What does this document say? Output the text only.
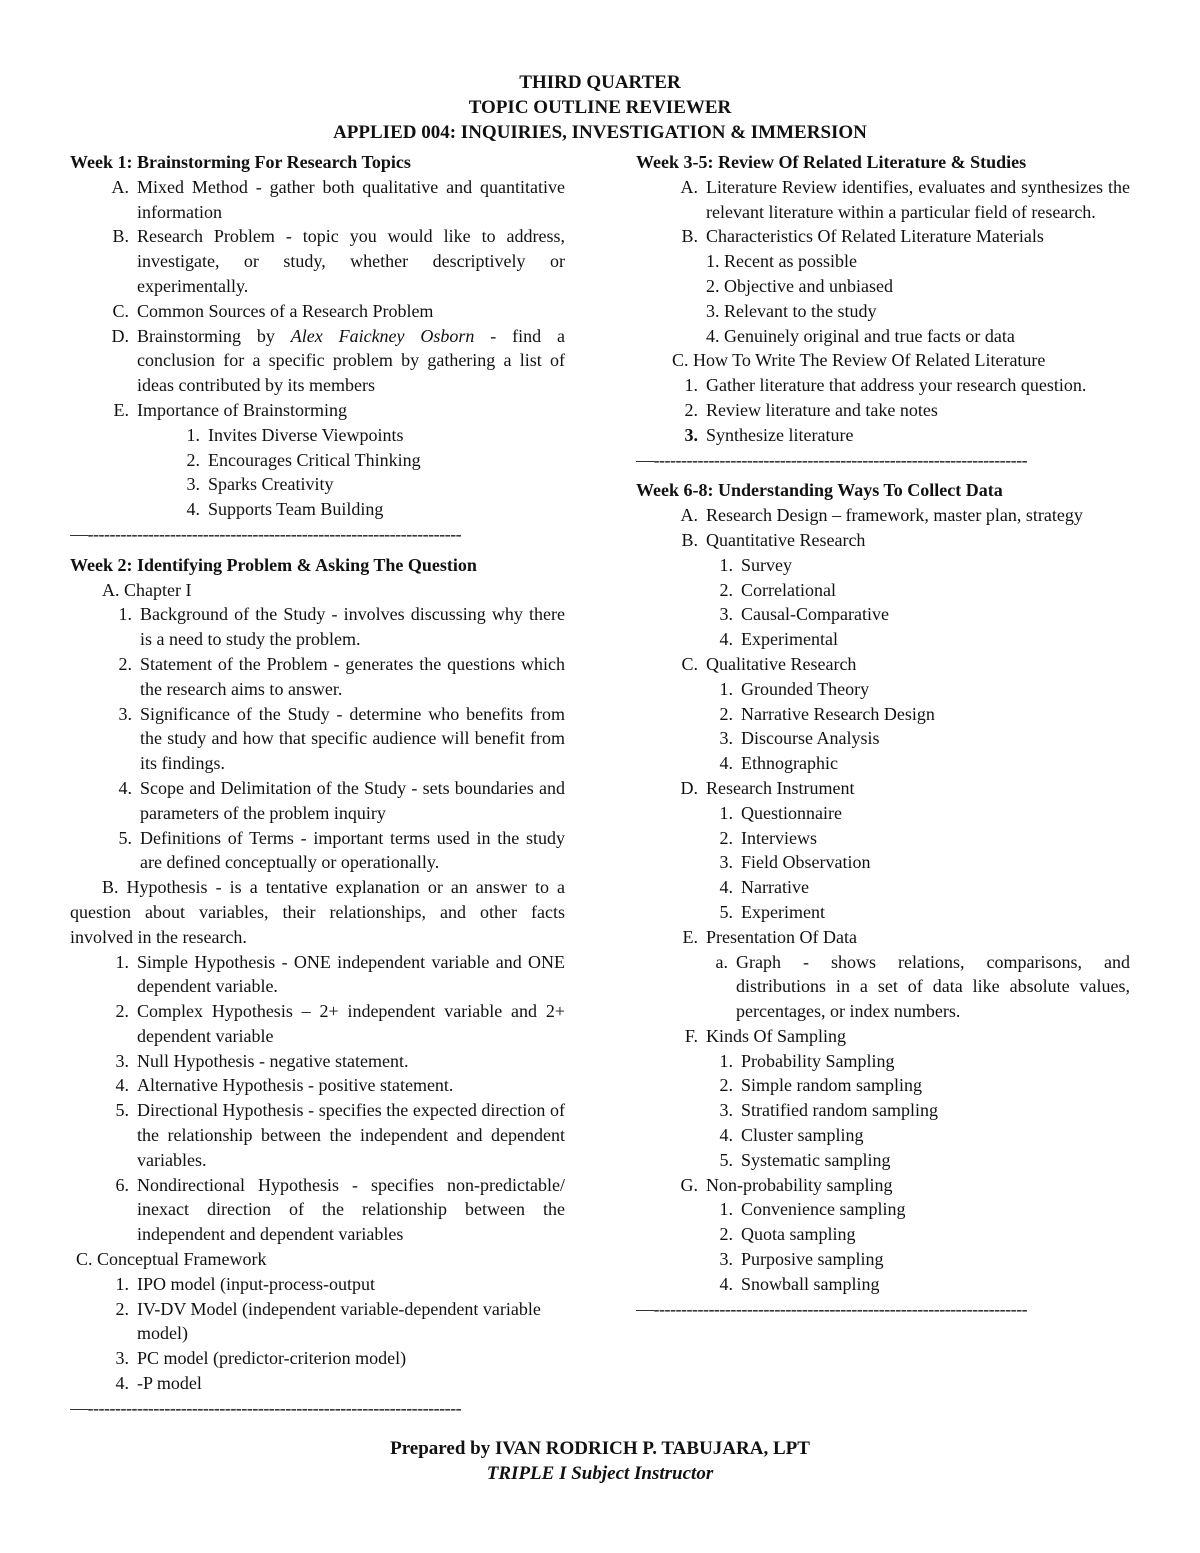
THIRD QUARTER
TOPIC OUTLINE REVIEWER
APPLIED 004: INQUIRIES, INVESTIGATION & IMMERSION
Week 1: Brainstorming For Research Topics
A. Mixed Method - gather both qualitative and quantitative information
B. Research Problem - topic you would like to address, investigate, or study, whether descriptively or experimentally.
C. Common Sources of a Research Problem
D. Brainstorming by Alex Faickney Osborn - find a conclusion for a specific problem by gathering a list of ideas contributed by its members
E. Importance of Brainstorming
1. Invites Diverse Viewpoints
2. Encourages Critical Thinking
3. Sparks Creativity
4. Supports Team Building
—--------------------------------------------------------------------
Week 2: Identifying Problem & Asking The Question
A. Chapter I
1. Background of the Study - involves discussing why there is a need to study the problem.
2. Statement of the Problem - generates the questions which the research aims to answer.
3. Significance of the Study - determine who benefits from the study and how that specific audience will benefit from its findings.
4. Scope and Delimitation of the Study - sets boundaries and parameters of the problem inquiry
5. Definitions of Terms - important terms used in the study are defined conceptually or operationally.
B. Hypothesis - is a tentative explanation or an answer to a question about variables, their relationships, and other facts involved in the research.
1. Simple Hypothesis - ONE independent variable and ONE dependent variable.
2. Complex Hypothesis – 2+ independent variable and 2+ dependent variable
3. Null Hypothesis - negative statement.
4. Alternative Hypothesis - positive statement.
5. Directional Hypothesis - specifies the expected direction of the relationship between the independent and dependent variables.
6. Nondirectional Hypothesis - specifies non-predictable/ inexact direction of the relationship between the independent and dependent variables
C. Conceptual Framework
1. IPO model (input-process-output
2. IV-DV Model (independent variable-dependent variable model)
3. PC model (predictor-criterion model)
4. -P model
—--------------------------------------------------------------------
Week 3-5: Review Of Related Literature & Studies
A. Literature Review identifies, evaluates and synthesizes the relevant literature within a particular field of research.
B. Characteristics Of Related Literature Materials
1. Recent as possible
2. Objective and unbiased
3. Relevant to the study
4. Genuinely original and true facts or data
C. How To Write The Review Of Related Literature
1. Gather literature that address your research question.
2. Review literature and take notes
3. Synthesize literature
—--------------------------------------------------------------------
Week 6-8: Understanding Ways To Collect Data
A. Research Design – framework, master plan, strategy
B. Quantitative Research
1. Survey
2. Correlational
3. Causal-Comparative
4. Experimental
C. Qualitative Research
1. Grounded Theory
2. Narrative Research Design
3. Discourse Analysis
4. Ethnographic
D. Research Instrument
1. Questionnaire
2. Interviews
3. Field Observation
4. Narrative
5. Experiment
E. Presentation Of Data
a. Graph - shows relations, comparisons, and distributions in a set of data like absolute values, percentages, or index numbers.
F. Kinds Of Sampling
1. Probability Sampling
2. Simple random sampling
3. Stratified random sampling
4. Cluster sampling
5. Systematic sampling
G. Non-probability sampling
1. Convenience sampling
2. Quota sampling
3. Purposive sampling
4. Snowball sampling
—--------------------------------------------------------------------
Prepared by IVAN RODRICH P. TABUJARA, LPT
TRIPLE I Subject Instructor
